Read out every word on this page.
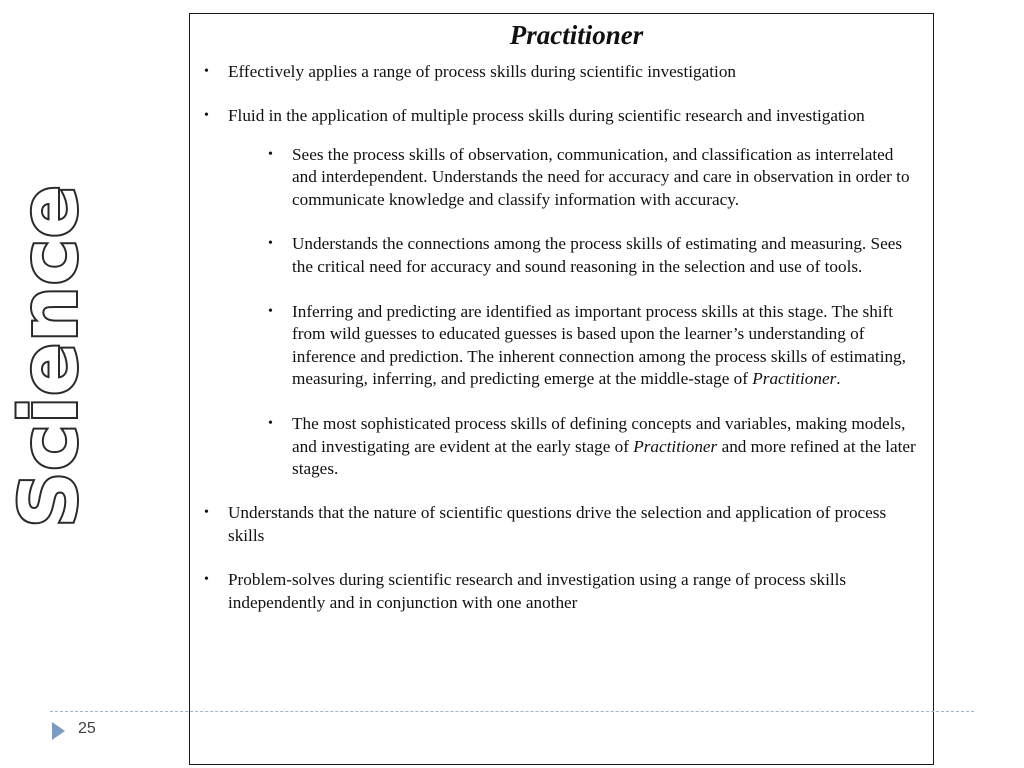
Science
Practitioner
• Effectively applies a range of process skills during scientific investigation
• Fluid in the application of multiple process skills during scientific research and investigation
• Sees the process skills of observation, communication, and classification as interrelated and interdependent. Understands the need for accuracy and care in observation in order to communicate knowledge and classify information with accuracy.
• Understands the connections among the process skills of estimating and measuring. Sees the critical need for accuracy and sound reasoning in the selection and use of tools.
• Inferring and predicting are identified as important process skills at this stage. The shift from wild guesses to educated guesses is based upon the learner’s understanding of inference and prediction. The inherent connection among the process skills of estimating, measuring, inferring, and predicting emerge at the middle-stage of Practitioner.
• The most sophisticated process skills of defining concepts and variables, making models, and investigating are evident at the early stage of Practitioner and more refined at the later stages.
• Understands that the nature of scientific questions drive the selection and application of process skills
• Problem-solves during scientific research and investigation using a range of process skills independently and in conjunction with one another
25
